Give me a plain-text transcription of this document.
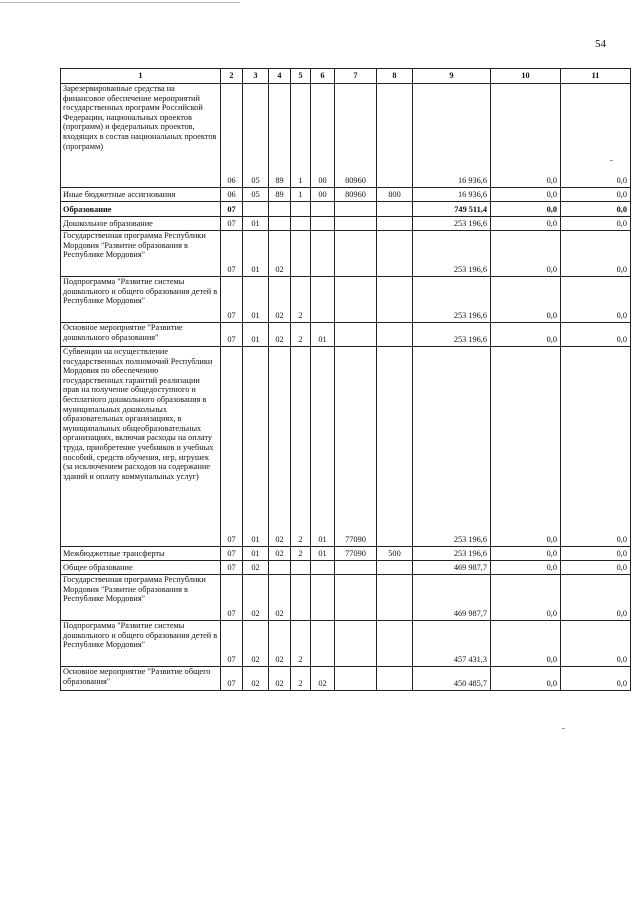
54
1	2	3	4	5	6	7	8	9	10	11
Зарезервированные средства на финансовое обеспечение мероприятий государственных программ Российской Федерации, национальных проектов (программ) и федеральных проектов, входящих в состав национальных проектов (программ)	06	05	89	1	00	80960		16 936,6	0,0	0,0
Иные бюджетные ассигнования	06	05	89	1	00	80960	800	16 936,6	0,0	0,0
Образование	07							749 511,4	0,0	0,0
Дошкольное образование	07	01						253 196,6	0,0	0,0
Государственная программа Республики Мордовия "Развитие образования в Республике Мордовия"	07	01	02					253 196,6	0,0	0,0
Подпрограмма "Развитие системы дошкольного и общего образования детей в Республике Мордовия"	07	01	02	2				253 196,6	0,0	0,0
Основное мероприятие "Развитие дошкольного образования"	07	01	02	2	01			253 196,6	0,0	0,0
Субвенции на осуществление государственных полномочий Республики Мордовия по обеспечению государственных гарантий реализации прав на получение общедоступного и бесплатного дошкольного образования в муниципальных дошкольных образовательных организациях, в муниципальных общеобразовательных организациях, включая расходы на оплату труда, приобретение учебников и учебных пособий, средств обучения, игр, игрушек (за исключением расходов на содержание зданий и оплату коммунальных услуг)	07	01	02	2	01	77090		253 196,6	0,0	0,0
Межбюджетные трансферты	07	01	02	2	01	77090	500	253 196,6	0,0	0,0
Общее образование	07	02						469 987,7	0,0	0,0
Государственная программа Республики Мордовия "Развитие образования в Республике Мордовия"	07	02	02					469 987,7	0,0	0,0
Подпрограмма "Развитие системы дошкольного и общего образования детей в Республике Мордовия"	07	02	02	2				457 431,3	0,0	0,0
Основное мероприятие "Развитие общего образования"	07	02	02	2	02			450 485,7	0,0	0,0
